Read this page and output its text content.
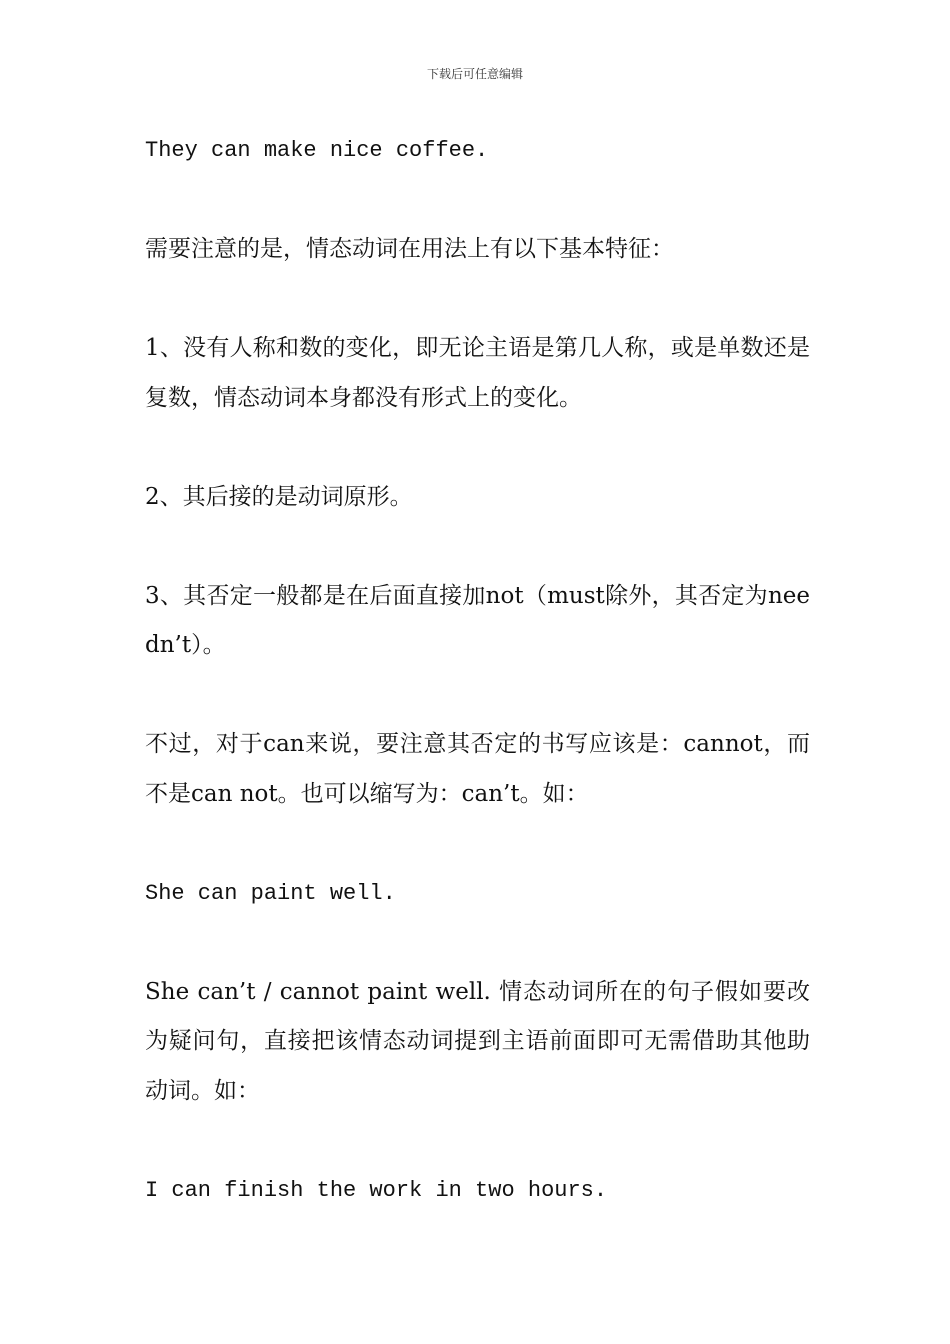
下载后可任意编辑

They can make nice coffee.

需要注意的是，情态动词在用法上有以下基本特征：

1、没有人称和数的变化，即无论主语是第几人称，或是单数还是复数，情态动词本身都没有形式上的变化。

2、其后接的是动词原形。

3、其否定一般都是在后面直接加not（must除外，其否定为needn’t）。

不过，对于can来说，要注意其否定的书写应该是：cannot，而不是can not。也可以缩写为：can’t。如：

She can paint well.

She can’t / cannot paint well. 情态动词所在的句子假如要改为疑问句，直接把该情态动词提到主语前面即可无需借助其他助动词。如：

I can finish the work in two hours.
